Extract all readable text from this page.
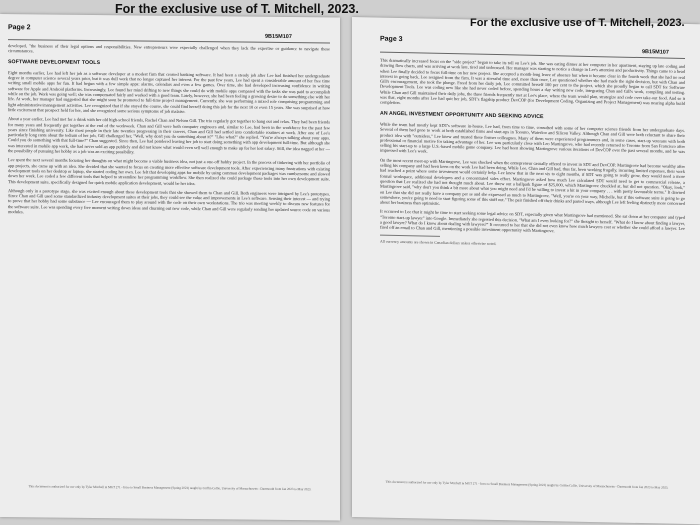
For the exclusive use of T. Mitchell, 2023.
Page 2
9B15M107

developed, "the business of their legal options and responsibilities. New entrepreneurs were especially challenged when they lack the expertise or guidance to navigate these circumstances.

SOFTWARE DEVELOPMENT TOOLS

Eight months earlier, Lee had left her job as a software developer at a modest firm that created banking software. It had been a steady job after Lee had finished her undergraduate degree in computer science several years prior, but it was dull work that no longer captured her interest. For the past few years, Lee had spent a considerable amount of her free time writing small mobile apps for fun. It had begun with a few simple apps: alarms, calendars and even a few games. Over time, she had developed increasing confidence in writing software for Apple and Android platforms. Increasingly, Lee found her mind drifting to new things she could do with mobile apps compared with the tasks she was paid to accomplish while on the job. Work was going well; she was compensated fairly and worked with a good team. Lately, however, she had been feeling a growing desire to do something else with her life. At work, her manager had suggested that she might soon be promoted to full-time project management. Currently, she was performing a mixed role comprising programming and light administrative/management activities. Lee recognized that if she stayed the course, she could find herself doing this job for the next 10 or even 15 years. She was surprised at how little excitement that prospect held for her, and she recognized some serious symptoms of job malaise.

About a year earlier, Lee had met for a drink with her old high-school friends, Rachel Chan and Nelson Gill. The trio regularly got together to hang out and relax. They had been friends for many years and frequently got together at the end of the workweek. Chan and Gill were both computer engineers and, similar to Lee, had been in the workforce for the past few years since finishing university. Like most people in their late twenties progressing in their careers, Chan and Gill had settled into comfortable routines at work. After one of Lee's particularly long rants about the tedium of her job, Gill challenged her, "Well, why don't you do something about it?" "Like what?" she replied. "You're always talking about your apps. Could you do something with that full-time?" Chan suggested. Since then, Lee had pondered leaving her job to start doing something with app development full-time. But although she was interested in mobile app work, she had never sold an app publicly and did not know what would even sell well enough to make up for her lost salary. Still, the idea nagged at her — the possibility of pursuing her hobby as a job was an exciting possibility.

Lee spent the next several months focusing her thoughts on what might become a viable business idea, not just a one-off hobby project. In the process of tinkering with her portfolio of app projects, she came up with an idea. She decided that she wanted to focus on creating more effective software development tools. After experiencing many frustrations with existing development tools on her desktop or laptop, she started coding her own. Lee felt that developing apps for mobile by using common development packages was cumbersome and slowed down her work. Lee coded a few different tools that helped to streamline her programming workflow. She then realized she could package those tools into her own development suite. This development suite, specifically designed for quick mobile application development, would be her idea.

Although only in a prototype stage, she was excited enough about these development tools that she showed them to Chan and Gill. Both engineers were intrigued by Lee's prototypes. Since Chan and Gill used some standardized industry development suites at their jobs, they could see the value and improvements in Lee's software. Sensing their interest — and trying to prove that her hobby had some substance — Lee encouraged them to play around with the code on their own workstations. The trio was meeting weekly to discuss new features for the software suite. Lee was spending every free moment writing down ideas and churning out new code, while Chan and Gill were regularly sending her updated source code on various modules.

This document is authorized for use only by Tyler Mitchell in MGT 271 - Intro to Small Business Management (Spring 2023) taught by Griffin Collie, University of Massachusetts - Dartmouth from Jan 2023 to May 2023.
Page 3
9B15M107

This dramatically increased focus on the "side project" began to take its toll on Lee's job. She was eating dinner at her computer in her apartment, staying up late coding and drawing flow charts, and was arriving at work late, tired and unfocused. Her manager was starting to notice a change in Lee's attention and productivity. Things came to a head when Lee finally decided to focus full-time on her new project. She accepted a month-long leave of absence but when it became clear in the fourth week that she had no real interest in going back, Lee resigned from the firm. It was a stressful time and, more than once, Lee questioned whether she had made the right decision, but with Chan and Gill's encouragement, she took the plunge. Freed from her daily job, Lee committed herself 100 per cent to the project, which she proudly began to call SDT for Software Development Tools. Lee was coding new like she had never coded before, spending hours a day writing new code, integrating Chan and Gill's work, compiling and testing. While Chan and Gill maintained their daily jobs, the three friends frequently met at Lee's place, where the team would plan, strategize and code over take-out food. And so it was that, eight months after Lee had quit her job, SDT's flagship product DevCOP (for Development Coding, Organizing and Project Management) was nearing alpha build completion.

AN ANGEL INVESTMENT OPPORTUNITY AND SEEKING ADVICE

While the team had mostly kept SDT's software in-house, Lee had, from time to time, consulted with some of her computer science friends from her undergraduate days. Several of them had gone to work at both established firms and start-ups in Toronto, Waterloo and Silicon Valley. Although Chan and Gill were both reluctant to share their product idea with "outsiders," Lee knew and trusted these former colleagues. Many of them were experienced programmers and, in some cases, start-up veterans with both professional or financial motive for taking advantage of her. Lee was particularly close with Leo Martingrove, who had recently returned to Toronto from San Francisco after selling his start-up to a large U.S.-based mobile game company. Lee had been showing Martingrove various iterations of DevCOP over the past several months, and he was impressed with Lee's work.

On the most recent meet-up with Martingrove, Lee was shocked when the entrepreneur casually offered to invest in SDT and DevCOP. Martingrove had become wealthy after selling his company and had been keen on the work Lee had been doing. While Lee, Chan and Gill had, thus far, been working frugally, incurring limited expenses, their work had reached a point where some investment would certainly help. Lee knew that in the next six to eight months, if SDT was going to really grow, they would need a more formal workspace, additional developers and a concentrated sales effort. Martingrove asked how much Lee calculated SDT would need to get to commercial release, a question that Lee realized she had not thought much about. Lee threw out a ballpark figure of $25,000, which Martingrove chuckled at, but did not question. "Okay, look," Martingrove said, "why don't you think a bit more about what you might need and I'd be willing to invest a bit in your company . . . with pretty favourable terms." It dawned on Lee that she did not really have a company per se and she expressed as much to Martingrove. "Well, you're on your way, Michelle, but if this software suite is going to go somewhere, you're going to need to start figuring some of this stuff out." The pair finished off their drinks and parted ways, although Lee left feeling distinctly more concerned about her business than optimistic.

It occurred to Lee that it might be time to start seeking some legal advice on SDT, especially given what Martingrove had mentioned. She sat down at her computer and typed "Toronto start-up lawyer" into Google. Immediately she regretted this decision. "What am I even looking for?" she thought to herself. "What do I know about finding a lawyer, a good lawyer? What do I know about dealing with lawyers?" It occurred to her that she did not even know how much lawyers cost or whether she could afford a lawyer. Lee fired off an email to Chan and Gill, mentioning a possible investment opportunity with Martingrove.

All currency amounts are shown in Canadian dollars unless otherwise noted.
This document is authorized for use only by Tyler Mitchell in MGT 271 - Intro to Small Business Management (Spring 2023) taught by Griffin Collie, University of Massachusetts - Dartmouth from Jan 2023 to May 2023.
For the exclusive use of T. Mitchell, 2023.
